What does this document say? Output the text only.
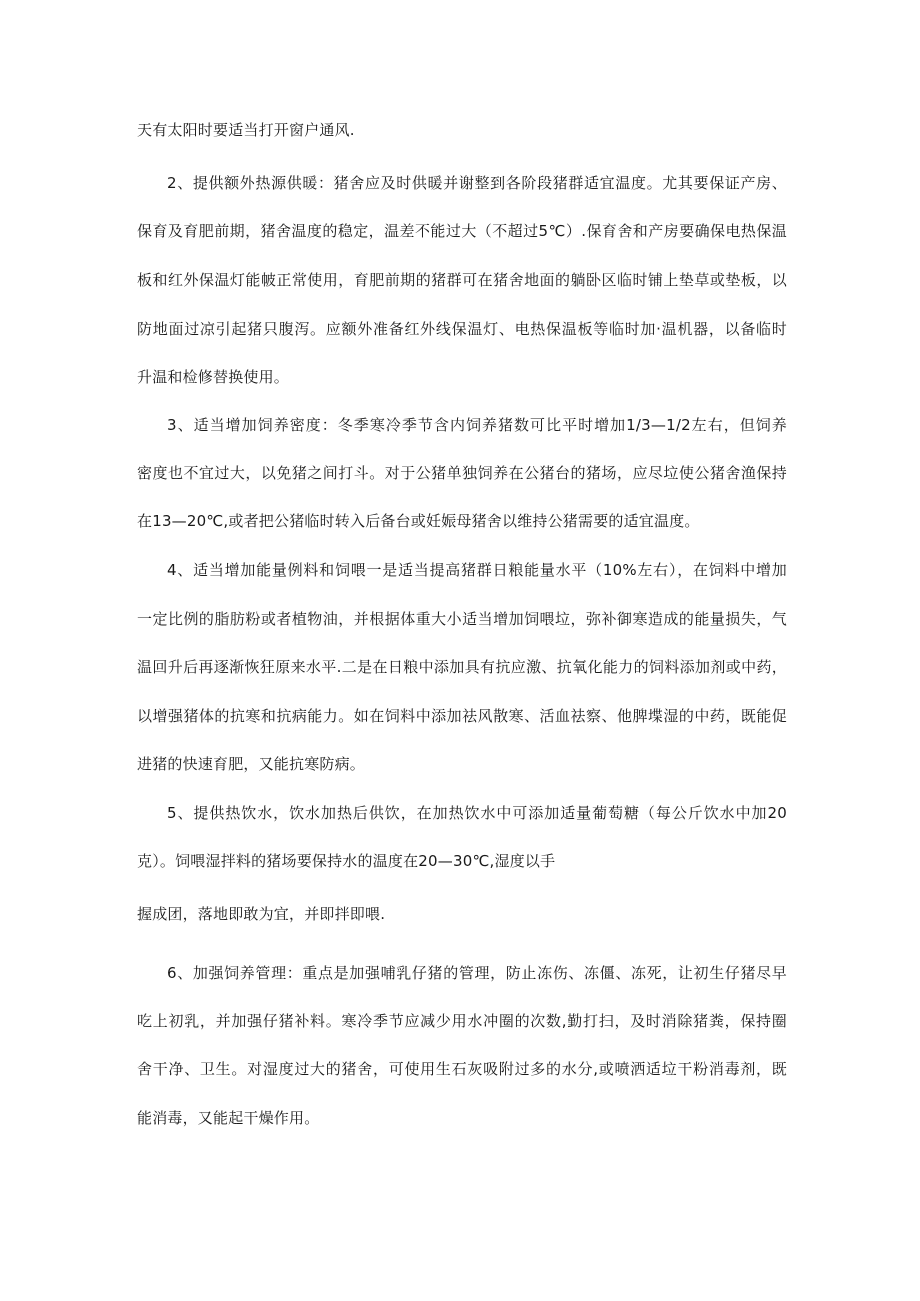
天有太阳时要适当打开窗户通风.
2、提供额外热源供暖：猪舍应及时供暖并谢整到各阶段猪群适宜温度。尤其要保证产房、
保育及育肥前期，猪舍温度的稳定，温差不能过大（不超过5℃）.保育舍和产房要确保电热保温
板和红外保温灯能帔正常使用，育肥前期的猪群可在猪舍地面的躺卧区临时铺上垫草或垫板，以
防地面过凉引起猪只腹泻。应额外准备红外线保温灯、电热保温板等临时加·温机器，以备临时
升温和检修替换使用。
3、适当增加饲养密度：冬季寒冷季节含内饲养猪数可比平时增加1/3—1/2左右，但饲养
密度也不宜过大，以免猪之间打斗。对于公猪单独饲养在公猪台的猪场，应尽垃使公猪舍渔保持
在13—20℃,或者把公猪临时转入后备台或妊娠母猪舍以维持公猪需要的适宜温度。
4、适当增加能量例料和饲喂一是适当提高猪群日粮能量水平（10%左右），在饲料中增加
一定比例的脂肪粉或者植物油，并根据体重大小适当增加饲喂垃，弥补御寒造成的能量损失，气
温回升后再逐渐恢狂原来水平.二是在日粮中添加具有抗应激、抗氧化能力的饲料添加剂或中药，
以增强猪体的抗寒和抗病能力。如在饲料中添加祛风散寒、活血祛察、他脾堞湿的中药，既能促
进猪的快速育肥，又能抗寒防病。
5、提供热饮水，饮水加热后供饮，在加热饮水中可添加适量葡萄糖（每公斤饮水中加20
克）。饲喂湿拌料的猪场要保持水的温度在20—30℃,湿度以手
握成团，落地即敢为宜，并即拌即喂.
6、加强饲养管理：重点是加强哺乳仔猪的管理，防止冻伤、冻僵、冻死，让初生仔猪尽早
吃上初乳，并加强仔猪补料。寒冷季节应减少用水冲圈的次数,勤打扫，及时消除猪粪，保持圈
舍干净、卫生。对湿度过大的猪舍，可使用生石灰吸附过多的水分,或喷洒适垃干粉消毒剂，既
能消毒，又能起干燥作用。
